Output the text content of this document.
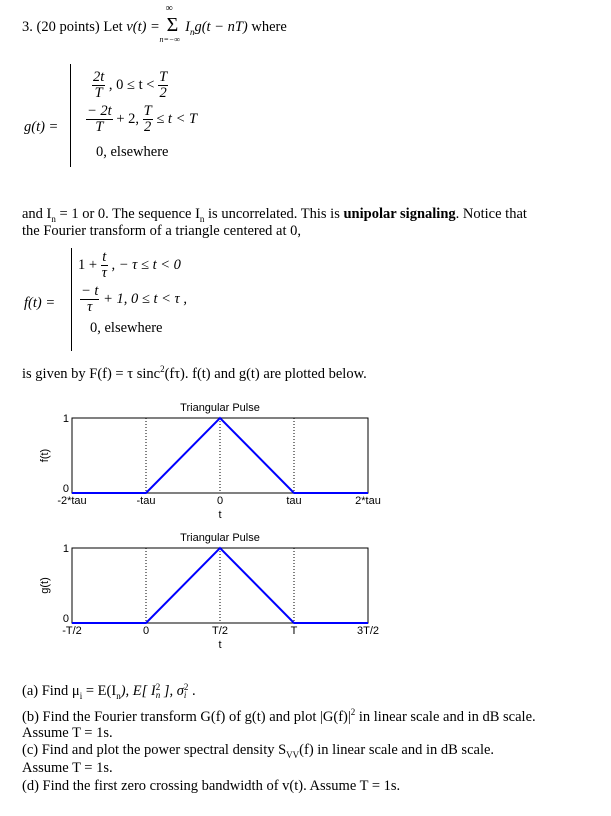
3. (20 points) Let v(t) =
∞
Σ
n=−∞
$I_ng(t - nT)$ where
g(t) =
$\frac{2t}{T}$ , $0 \le t < \frac{T}{2}$
$\frac{- 2t}{T} + 2$, $\frac{T}{2} \le t < T$
0, elsewhere
and $I_n = 1$ or 0. The sequence $I_n$ is uncorrelated. This is unipolar signaling. Notice that
the Fourier transform of a triangle centered at 0,
f(t) =
$1 + \frac{t}{\tau}$ , − τ ≤ t < 0
$\frac{- t}{\tau} + 1$, 0 ≤ t < τ ,
0, elsewhere
is given by F(f) = τ sinc$^2$(fτ). f(t) and g(t) are plotted below.
Triangular Pulse
-2*tau	-tau	0	tau	2*tau
0
1
t
f(t)
Triangular Pulse
-T/2	0	T/2	T	3T/2
0
1
t
g(t)
(a) Find $\mu_i = E(I_n)$, E[ I 2
n ], σ 2
i .
(b) Find the Fourier transform G(f) of g(t) and plot $|G(f)|^2$ in linear scale and in dB scale.
Assume T = 1s.
(c) Find and plot the power spectral density $S_{VV}(f)$ in linear scale and in dB scale.
Assume T = 1s.
(d) Find the first zero crossing bandwidth of v(t). Assume T = 1s.
